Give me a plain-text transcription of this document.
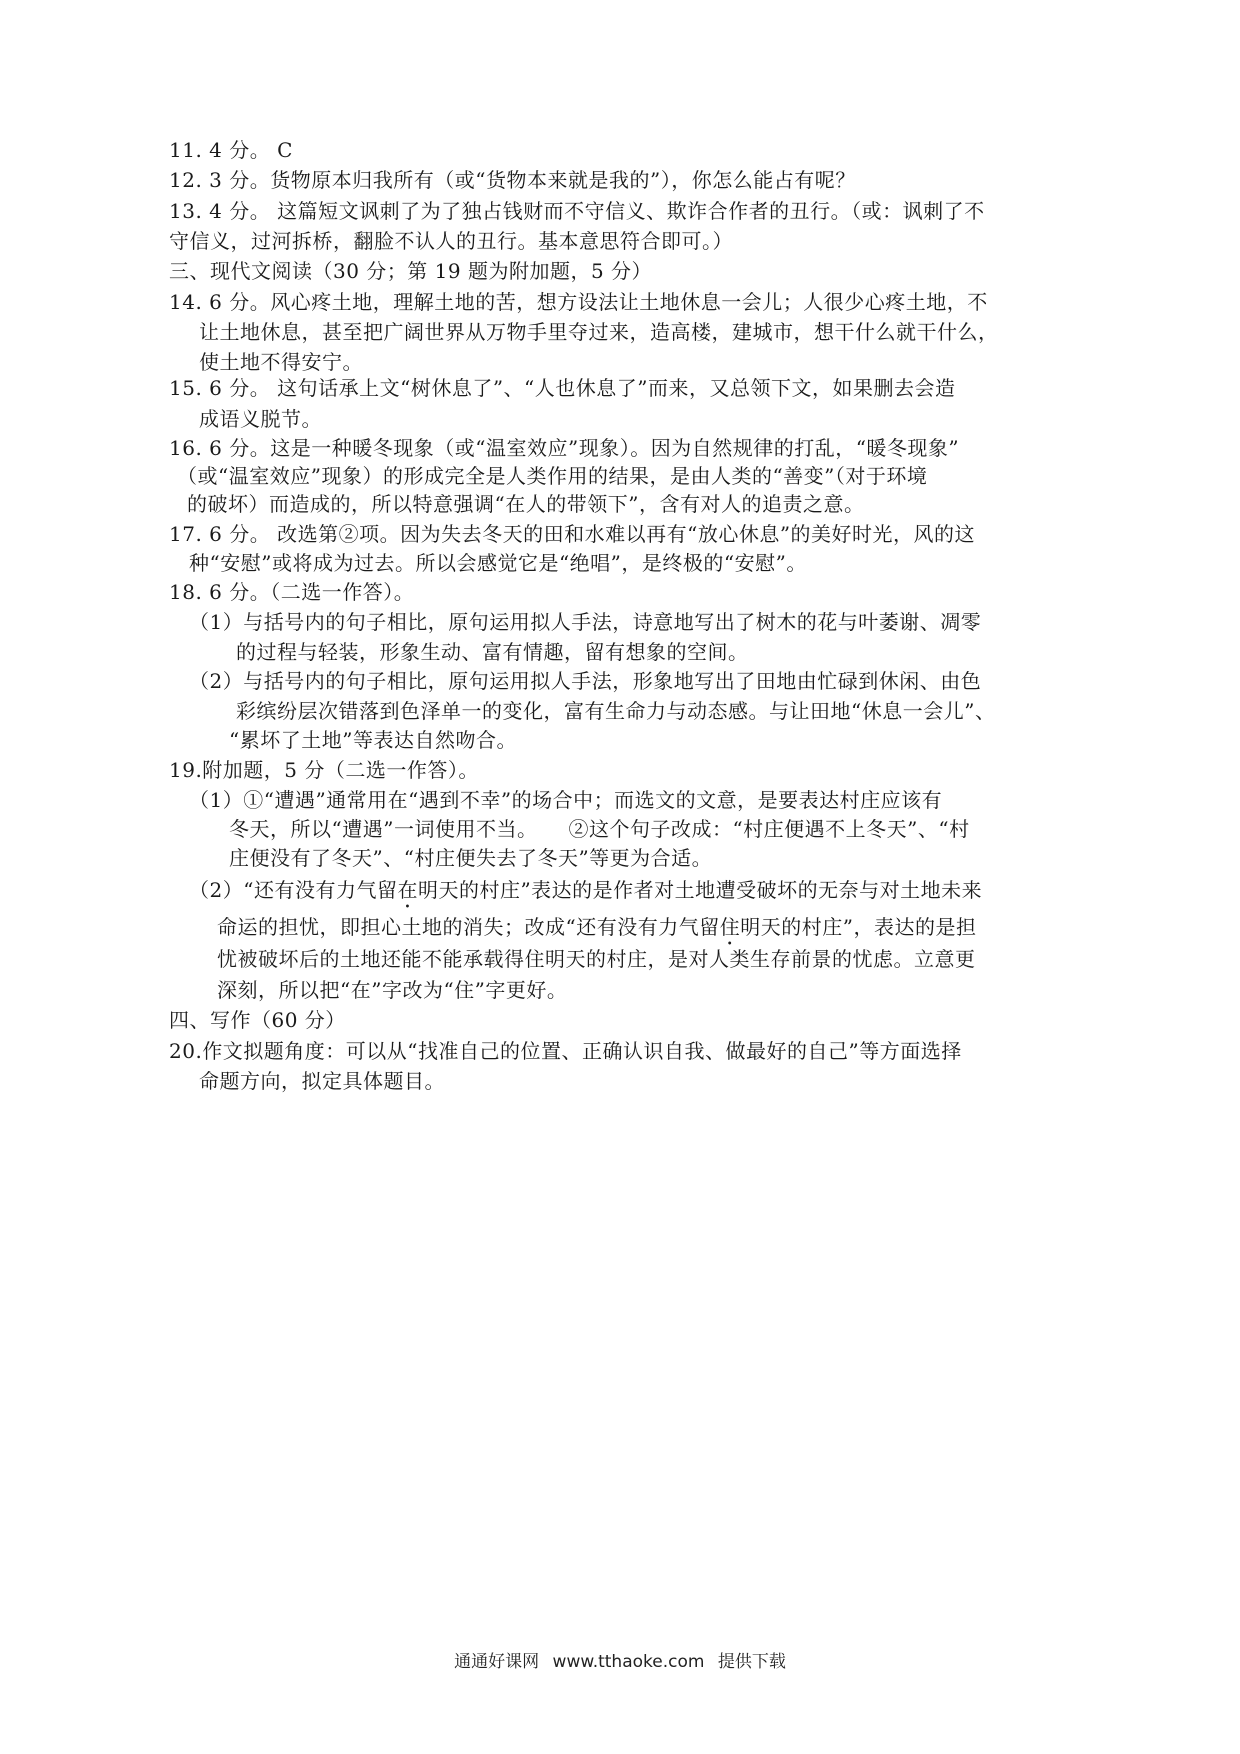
11. 4 分。 C
12. 3 分。货物原本归我所有（或“货物本来就是我的”），你怎么能占有呢？
13. 4 分。 这篇短文讽刺了为了独占钱财而不守信义、欺诈合作者的丑行。（或：讽刺了不
守信义，过河拆桥，翻脸不认人的丑行。基本意思符合即可。）
三、现代文阅读（30 分；第 19 题为附加题，5 分）
14. 6 分。风心疼土地，理解土地的苦，想方设法让土地休息一会儿；人很少心疼土地，不
让土地休息，甚至把广阔世界从万物手里夺过来，造高楼，建城市，想干什么就干什么，
使土地不得安宁。
15. 6 分。 这句话承上文“树休息了”、“人也休息了”而来，又总领下文，如果删去会造
成语义脱节。
16. 6 分。这是一种暖冬现象（或“温室效应”现象）。因为自然规律的打乱，“暖冬现象”
（或“温室效应”现象）的形成完全是人类作用的结果，是由人类的“善变”（对于环境
的破坏）而造成的，所以特意强调“在人的带领下”，含有对人的追责之意。
17. 6 分。 改选第②项。因为失去冬天的田和水难以再有“放心休息”的美好时光，风的这
种“安慰”或将成为过去。所以会感觉它是“绝唱”，是终极的“安慰”。
18. 6 分。（二选一作答）。
（1）与括号内的句子相比，原句运用拟人手法，诗意地写出了树木的花与叶萎谢、凋零
的过程与轻装，形象生动、富有情趣，留有想象的空间。
（2）与括号内的句子相比，原句运用拟人手法，形象地写出了田地由忙碌到休闲、由色
彩缤纷层次错落到色泽单一的变化，富有生命力与动态感。与让田地“休息一会儿”、
“累坏了土地”等表达自然吻合。
19.附加题，5 分（二选一作答）。
（1）①“遭遇”通常用在“遇到不幸”的场合中；而选文的文意，是要表达村庄应该有
冬天，所以“遭遇”一词使用不当。　　②这个句子改成：“村庄便遇不上冬天”、“村
庄便没有了冬天”、“村庄便失去了冬天”等更为合适。
（2）“还有没有力气留在明天的村庄”表达的是作者对土地遭受破坏的无奈与对土地未来
命运的担忧，即担心土地的消失；改成“还有没有力气留住明天的村庄”，表达的是担
忧被破坏后的土地还能不能承载得住明天的村庄，是对人类生存前景的忧虑。立意更
深刻，所以把“在”字改为“住”字更好。
四、写作（60 分）
20.作文拟题角度：可以从“找准自己的位置、正确认识自我、做最好的自己”等方面选择
命题方向，拟定具体题目。
通通好课网 www.tthaoke.com 提供下载
